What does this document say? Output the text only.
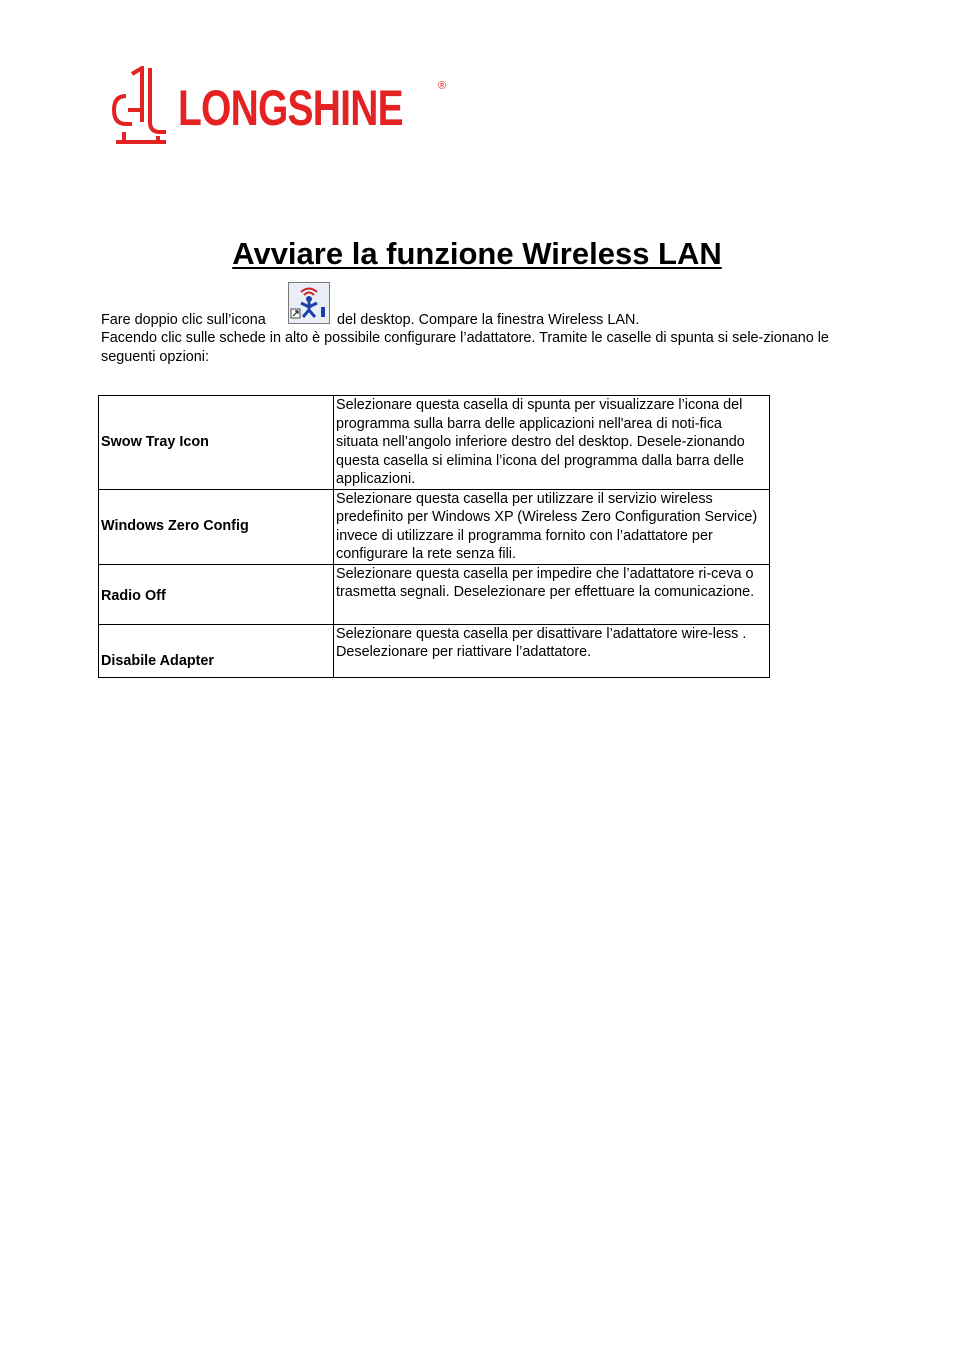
LONGSHINE	®
Avviare la funzione Wireless LAN
Fare doppio clic sull’icona	del desktop. Compare la finestra Wireless LAN.

Facendo clic sulle schede in alto è possibile configurare l’adattatore. Tramite le caselle di spunta si sele-zionano le seguenti opzioni:

Swow Tray Icon	Selezionare questa casella di spunta per visualizzare l’icona del programma sulla barra delle applicazioni nell'area di noti-fica situata nell’angolo inferiore destro del desktop. Desele-zionando questa casella si elimina l’icona del programma dalla barra delle applicazioni.
Windows Zero Config	Selezionare questa casella per utilizzare il servizio wireless predefinito per Windows XP (Wireless Zero Configuration Service) invece di utilizzare il programma fornito con l’adattatore per configurare la rete senza fili.
Radio Off	Selezionare questa casella per impedire che l’adattatore ri-ceva o trasmetta segnali. Deselezionare per effettuare la comunicazione.
Disabile Adapter	Selezionare questa casella per disattivare l’adattatore wire-less . Deselezionare per riattivare l’adattatore.
